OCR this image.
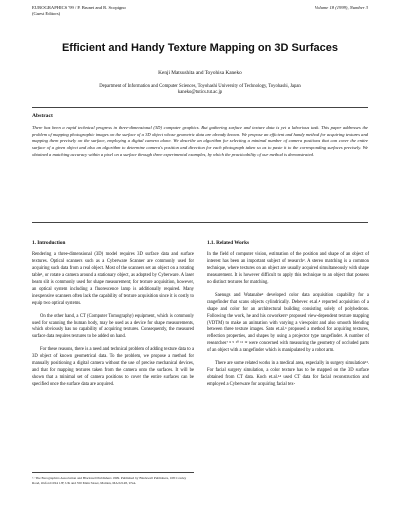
EUROGRAPHICS '99 / P. Brunet and R. Scopigno
(Guest Editors)
Volume 18 (1999), Number 3
Efficient and Handy Texture Mapping on 3D Surfaces
Kenji Matsushita and Toyohisa Kaneko
Department of Information and Computer Sciences, Toyohashi University of Technology, Toyohashi, Japan
kaneko@tutics.tut.ac.jp
Abstract
There has been a rapid technical progress in three-dimensional (3D) computer graphics. But gathering surface and texture data is yet a laborious task. This paper addresses the problem of mapping photographic images on the surface of a 3D object whose geometric data are already known. We propose an efficient and handy method for acquiring textures and mapping them precisely on the surface, employing a digital camera alone. We describe an algorithm for selecting a minimal number of camera positions that can cover the entire surface of a given object and also an algorithm to determine camera's position and direction for each photograph taken so as to paste it to the corresponding surfaces precisely. We obtained a matching accuracy within a pixel on a surface through three experimental examples, by which the practicability of our method is demonstrated.
1. Introduction
Rendering a three-dimensional (3D) model requires 3D surface data and surface textures. Optical scanners such as a Cyberware Scanner are commonly used for acquiring such data from a real object. Most of the scanners set an object on a rotating table¹, or rotate a camera around a stationary object, as adopted by Cyberware. A laser beam slit is commonly used for shape measurement; for texture acquisition, however, an optical system including a fluorescence lamp is additionally required. Many inexpensive scanners often lack the capability of texture acquisition since it is costly to equip two optical systems.
On the other hand, a CT (Computer Tomography) equipment, which is commonly used for scanning the human body, may be used as a device for shape measurements, which obviously has no capability of acquiring textures. Consequently, the measured surface data requires textures to be added on hand.
For these reasons, there is a need and technical problem of adding texture data to a 3D object of known geometrical data. To the problem, we propose a method for manually positioning a digital camera without the use of precise mechanical devices, and that for mapping textures taken from the camera onto the surfaces. It will be shown that a minimal set of camera positions to cover the entire surfaces can be specified once the surface data are acquired.
1.1. Related Works
In the field of computer vision, estimation of the position and shape of an object of interest has been an important subject of research². A stereo matching is a common technique, where textures on an object are usually acquired simultaneously with shape measurement. It is however difficult to apply this technique to an object that possess no distinct textures for matching.
Saenugs and Watanabe³ developed color data acquisition capability for a rangefinder that scans objects cylindrically. Debevec et.al.⁴ reported acquisition of a shape and color for an architectural building consisting solely of polyhedrons. Following the work, he and his coworkers⁵ proposed view-dependent texture mapping (VDTM) to make an animation with varying a viewpoint and also smooth blending between three texture images. Sato et.al.⁶ proposed a method for acquiring textures, reflection properties, and shapes by using a projector type rangefinder. A number of researches⁷ ⁸ ⁹ ¹⁰ ¹¹ ¹² were concerned with measuring the geometry of occluded parts of an object with a rangefinder which is manipulated by a robot arm.
There are some related works in a medical area, especially in surgery simulation¹³. For facial surgery simulation, a color texture has to be mapped on the 3D surface obtained from CT data. Koch et.al.¹⁴ used CT data for facial reconstruction and employed a Cyberware for acquiring facial tex-
© The Eurographics Association and Blackwell Publishers 1999. Published by Blackwell Publishers, 108 Cowley Road, Oxford OX4 1JF, UK and 350 Main Street, Malden, MA 02148, USA.
